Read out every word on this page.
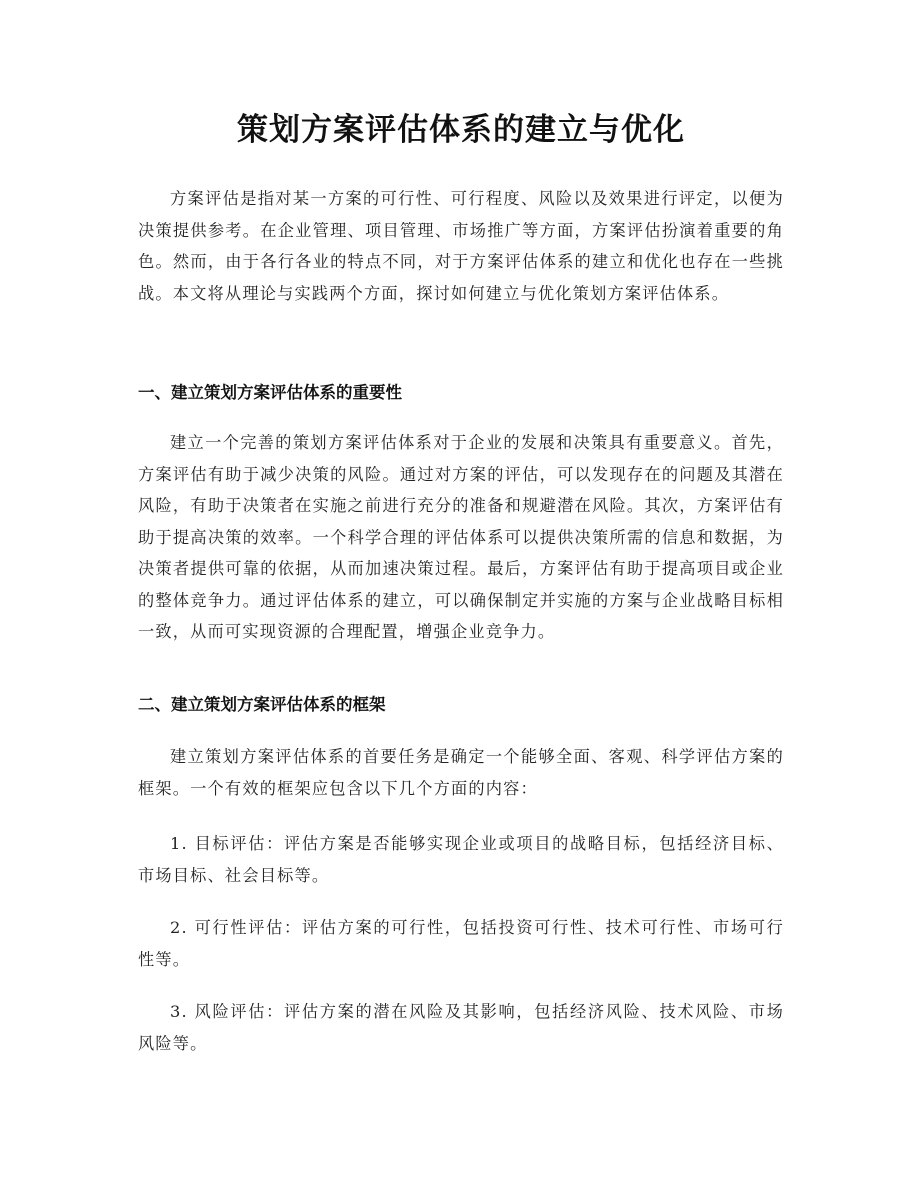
策划方案评估体系的建立与优化

方案评估是指对某一方案的可行性、可行程度、风险以及效果进行评定，以便为决策提供参考。在企业管理、项目管理、市场推广等方面，方案评估扮演着重要的角色。然而，由于各行各业的特点不同，对于方案评估体系的建立和优化也存在一些挑战。本文将从理论与实践两个方面，探讨如何建立与优化策划方案评估体系。

一、建立策划方案评估体系的重要性

建立一个完善的策划方案评估体系对于企业的发展和决策具有重要意义。首先，方案评估有助于减少决策的风险。通过对方案的评估，可以发现存在的问题及其潜在风险，有助于决策者在实施之前进行充分的准备和规避潜在风险。其次，方案评估有助于提高决策的效率。一个科学合理的评估体系可以提供决策所需的信息和数据，为决策者提供可靠的依据，从而加速决策过程。最后，方案评估有助于提高项目或企业的整体竞争力。通过评估体系的建立，可以确保制定并实施的方案与企业战略目标相一致，从而可实现资源的合理配置，增强企业竞争力。

二、建立策划方案评估体系的框架

建立策划方案评估体系的首要任务是确定一个能够全面、客观、科学评估方案的框架。一个有效的框架应包含以下几个方面的内容：

1. 目标评估：评估方案是否能够实现企业或项目的战略目标，包括经济目标、市场目标、社会目标等。

2. 可行性评估：评估方案的可行性，包括投资可行性、技术可行性、市场可行性等。

3. 风险评估：评估方案的潜在风险及其影响，包括经济风险、技术风险、市场风险等。
